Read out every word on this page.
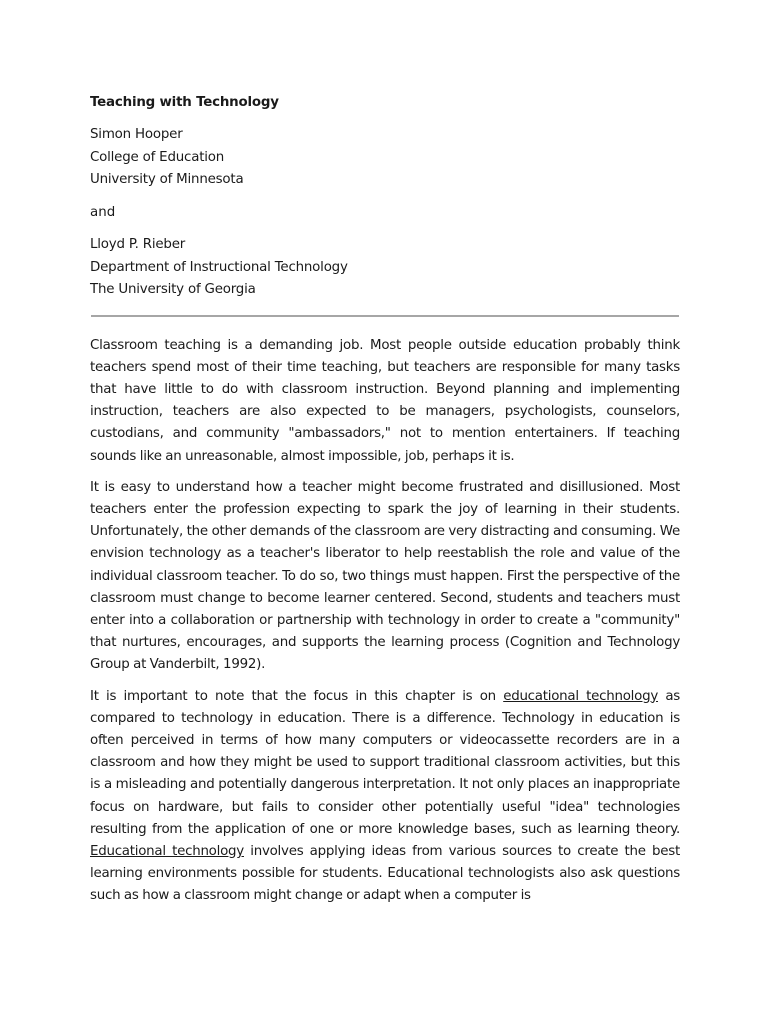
Teaching with Technology
Simon Hooper
College of Education
University of Minnesota
and
Lloyd P. Rieber
Department of Instructional Technology
The University of Georgia

Classroom teaching is a demanding job. Most people outside education probably think teachers spend most of their time teaching, but teachers are responsible for many tasks that have little to do with classroom instruction. Beyond planning and implementing instruction, teachers are also expected to be managers, psychologists, counselors, custodians, and community "ambassadors," not to mention entertainers. If teaching sounds like an unreasonable, almost impossible, job, perhaps it is.

It is easy to understand how a teacher might become frustrated and disillusioned. Most teachers enter the profession expecting to spark the joy of learning in their students. Unfortunately, the other demands of the classroom are very distracting and consuming. We envision technology as a teacher's liberator to help reestablish the role and value of the individual classroom teacher. To do so, two things must happen. First the perspective of the classroom must change to become learner centered. Second, students and teachers must enter into a collaboration or partnership with technology in order to create a "community" that nurtures, encourages, and supports the learning process (Cognition and Technology Group at Vanderbilt, 1992).

It is important to note that the focus in this chapter is on educational technology as compared to technology in education. There is a difference. Technology in education is often perceived in terms of how many computers or videocassette recorders are in a classroom and how they might be used to support traditional classroom activities, but this is a misleading and potentially dangerous interpretation. It not only places an inappropriate focus on hardware, but fails to consider other potentially useful "idea" technologies resulting from the application of one or more knowledge bases, such as learning theory. Educational technology involves applying ideas from various sources to create the best learning environments possible for students. Educational technologists also ask questions such as how a classroom might change or adapt when a computer is
